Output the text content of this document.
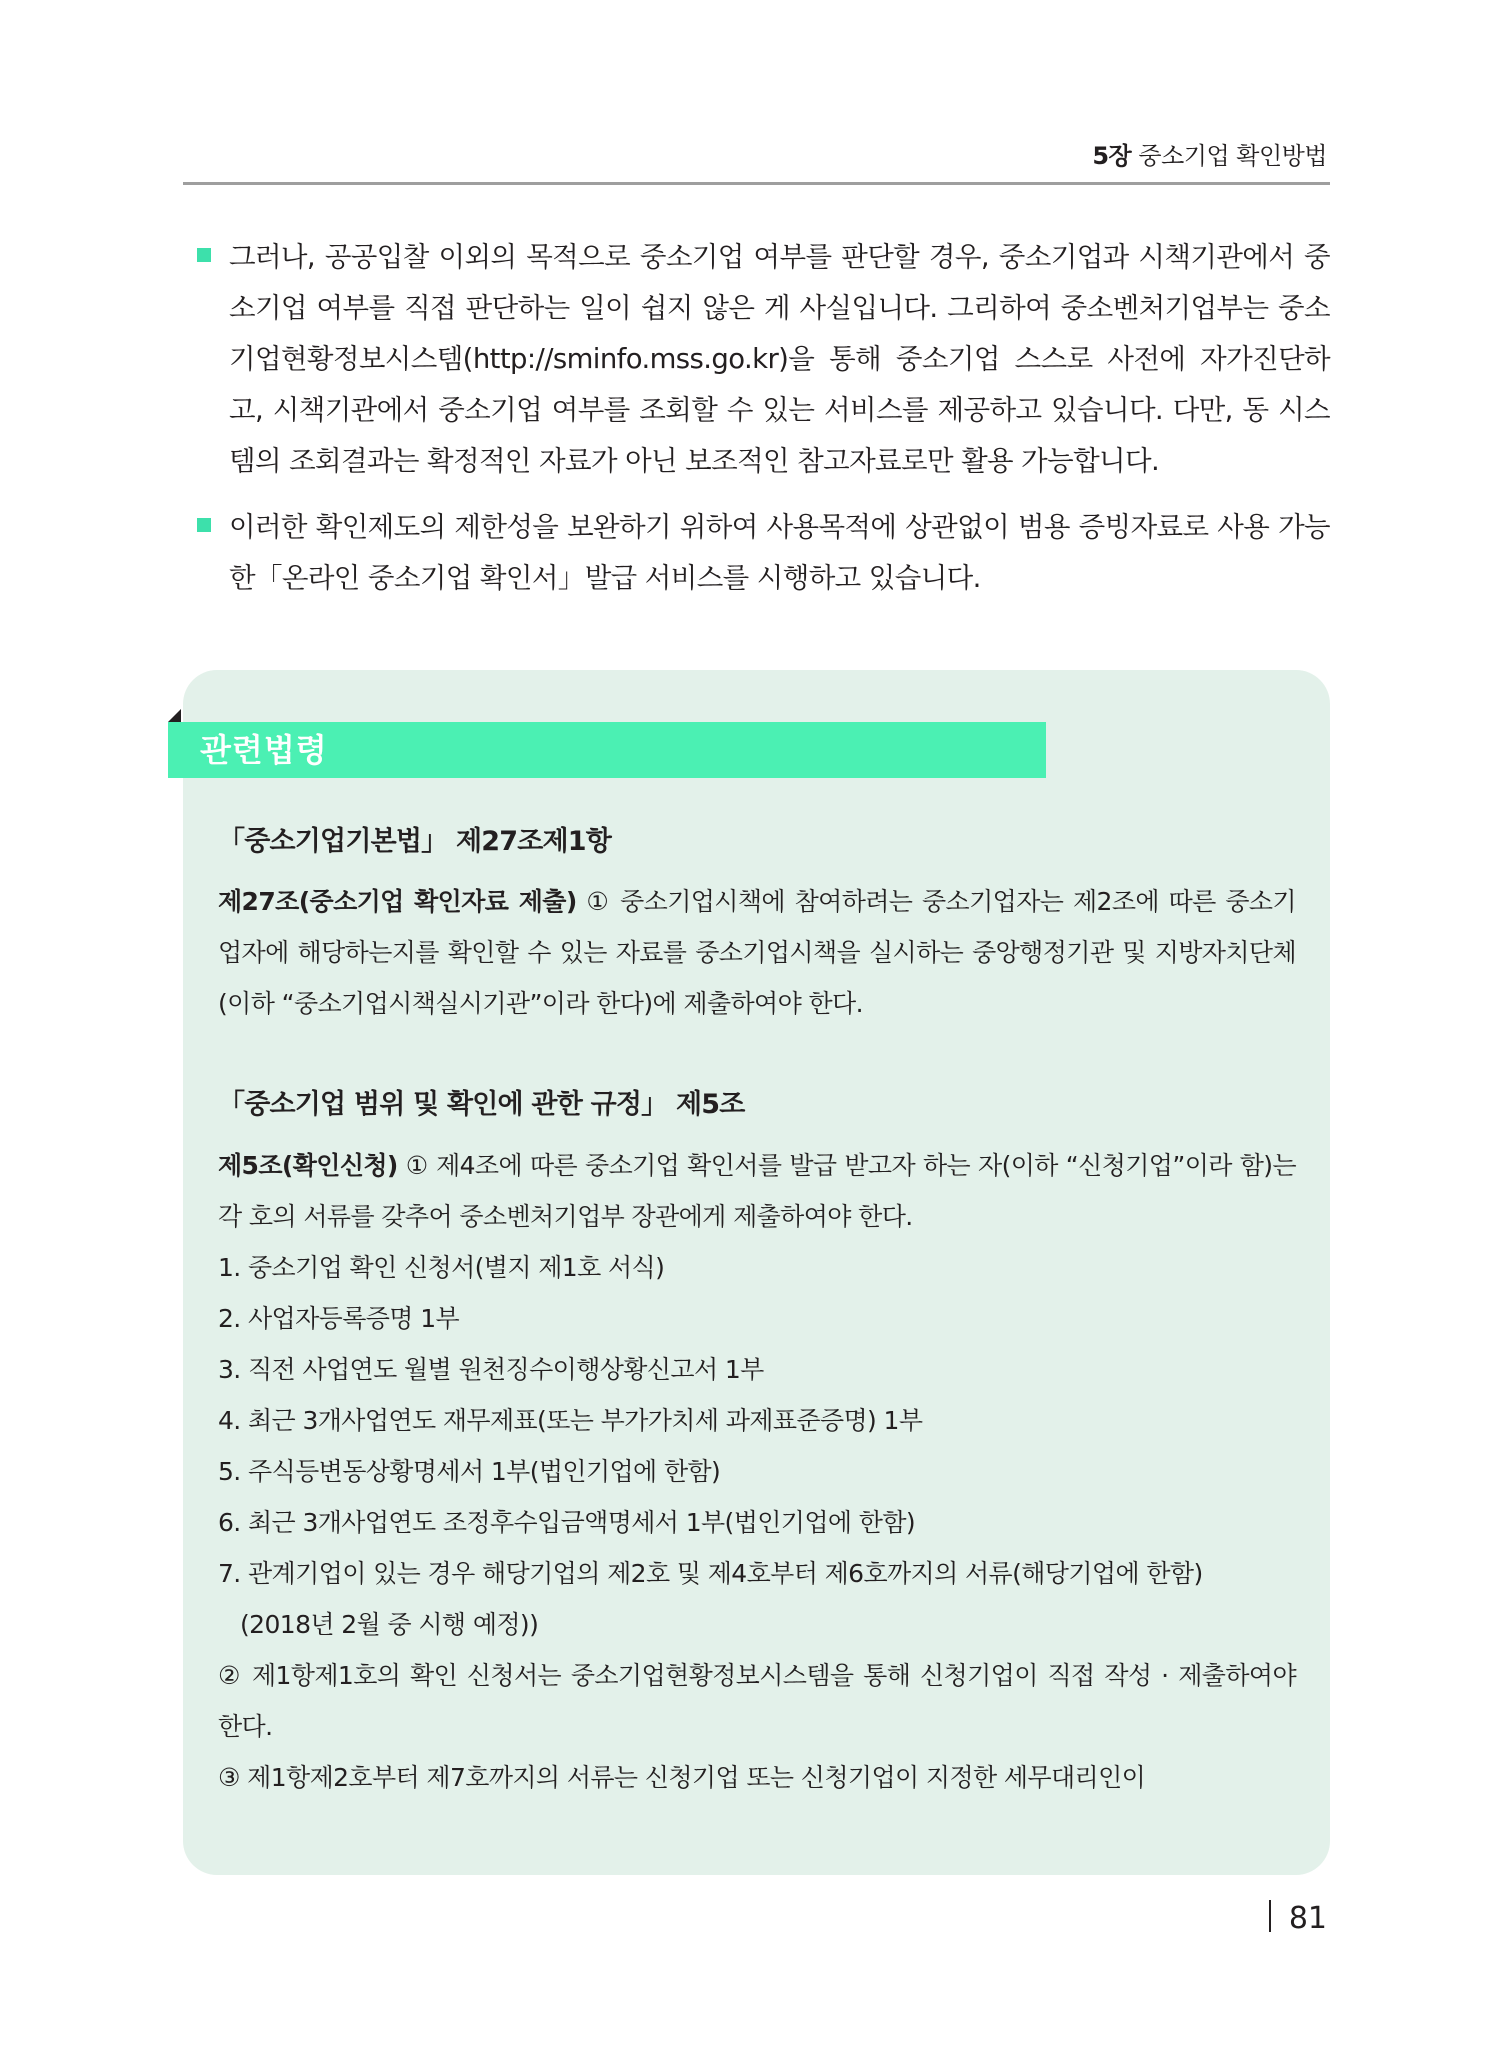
5장 중소기업 확인방법
그러나, 공공입찰 이외의 목적으로 중소기업 여부를 판단할 경우, 중소기업과 시책기관에서 중소기업 여부를 직접 판단하는 일이 쉽지 않은 게 사실입니다. 그리하여 중소벤처기업부는 중소기업현황정보시스템(http://sminfo.mss.go.kr)을 통해 중소기업 스스로 사전에 자가진단하고, 시책기관에서 중소기업 여부를 조회할 수 있는 서비스를 제공하고 있습니다. 다만, 동 시스템의 조회결과는 확정적인 자료가 아닌 보조적인 참고자료로만 활용 가능합니다.
이러한 확인제도의 제한성을 보완하기 위하여 사용목적에 상관없이 범용 증빙자료로 사용 가능한「온라인 중소기업 확인서」발급 서비스를 시행하고 있습니다.
관련법령
「중소기업기본법」 제27조제1항

제27조(중소기업 확인자료 제출) ① 중소기업시책에 참여하려는 중소기업자는 제2조에 따른 중소기업자에 해당하는지를 확인할 수 있는 자료를 중소기업시책을 실시하는 중앙행정기관 및 지방자치단체(이하 “중소기업시책실시기관”이라 한다)에 제출하여야 한다.

「중소기업 범위 및 확인에 관한 규정」 제5조

제5조(확인신청) ① 제4조에 따른 중소기업 확인서를 발급 받고자 하는 자(이하 “신청기업”이라 함)는 각 호의 서류를 갖추어 중소벤처기업부 장관에게 제출하여야 한다.

1. 중소기업 확인 신청서(별지 제1호 서식)

2. 사업자등록증명 1부

3. 직전 사업연도 월별 원천징수이행상황신고서 1부

4. 최근 3개사업연도 재무제표(또는 부가가치세 과제표준증명) 1부

5. 주식등변동상황명세서 1부(법인기업에 한함)

6. 최근 3개사업연도 조정후수입금액명세서 1부(법인기업에 한함)

7. 관계기업이 있는 경우 해당기업의 제2호 및 제4호부터 제6호까지의 서류(해당기업에 한함)

(2018년 2월 중 시행 예정))

② 제1항제1호의 확인 신청서는 중소기업현황정보시스템을 통해 신청기업이 직접 작성 · 제출하여야 한다.

③ 제1항제2호부터 제7호까지의 서류는 신청기업 또는 신청기업이 지정한 세무대리인이

81
